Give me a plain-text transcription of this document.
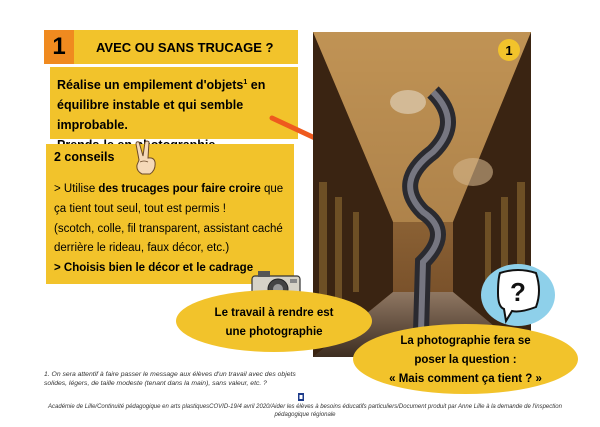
1	AVEC OU SANS TRUCAGE ?
Réalise un empilement d'objets$^1$ en
équilibre instable et qui semble improbable.
2 conseils
> Utilise des trucages pour faire croire que
ça tient tout seul, tout est permis !
(scotch, colle, fil transparent, assistant caché
derrière le rideau, faux décor, etc.)
> Choisis bien le décor et le cadrage
1
?
Le travail à rendre est
une photographie
La photographie fera se
poser la question :
« Mais comment ça tient ? »
1. On sera attentif à faire passer le message aux élèves d'un travail avec des objets
solides, légers, de taille modeste (tenant dans la main), sans valeur, etc. ?
Académie de Lille/Continuité pédagogique en arts plastiquesCOVID-19/4 avril 2020/Aider les élèves à besoins éducatifs particuliers/Document produit par Anne Lille à la demande de l'inspection
pédagogique régionale
